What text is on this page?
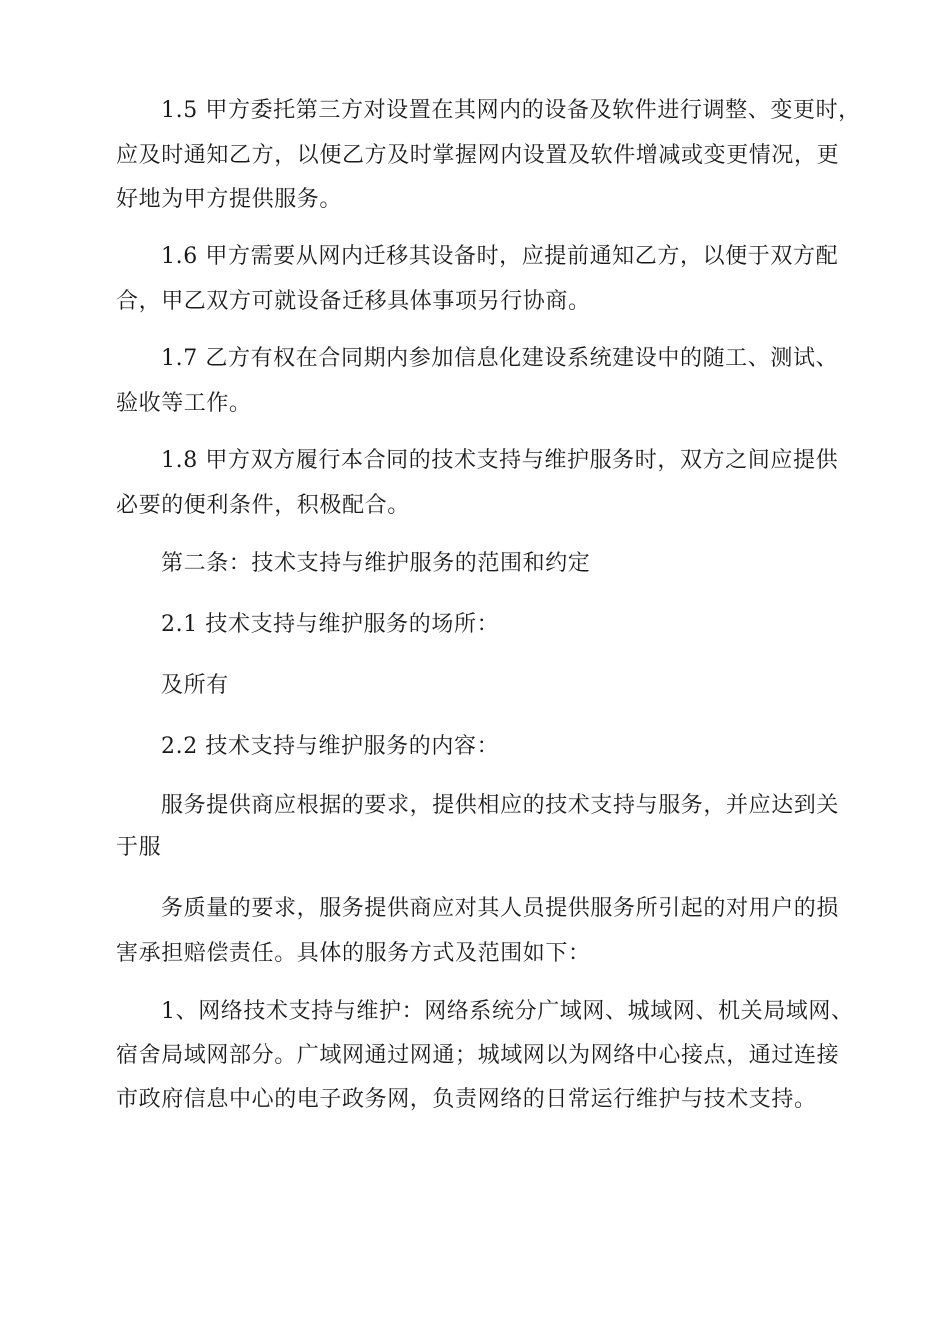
1.5 甲方委托第三方对设置在其网内的设备及软件进行调整、变更时，
应及时通知乙方，以便乙方及时掌握网内设置及软件增减或变更情况，更
好地为甲方提供服务。
1.6 甲方需要从网内迁移其设备时，应提前通知乙方，以便于双方配
合，甲乙双方可就设备迁移具体事项另行协商。
1.7 乙方有权在合同期内参加信息化建设系统建设中的随工、测试、
验收等工作。
1.8 甲方双方履行本合同的技术支持与维护服务时，双方之间应提供
必要的便利条件，积极配合。
第二条：技术支持与维护服务的范围和约定
2.1 技术支持与维护服务的场所：
及所有
2.2 技术支持与维护服务的内容：
服务提供商应根据的要求，提供相应的技术支持与服务，并应达到关
于服
务质量的要求，服务提供商应对其人员提供服务所引起的对用户的损
害承担赔偿责任。具体的服务方式及范围如下：
1、网络技术支持与维护：网络系统分广域网、城域网、机关局域网、
宿舍局域网部分。广域网通过网通；城域网以为网络中心接点，通过连接
市政府信息中心的电子政务网，负责网络的日常运行维护与技术支持。
